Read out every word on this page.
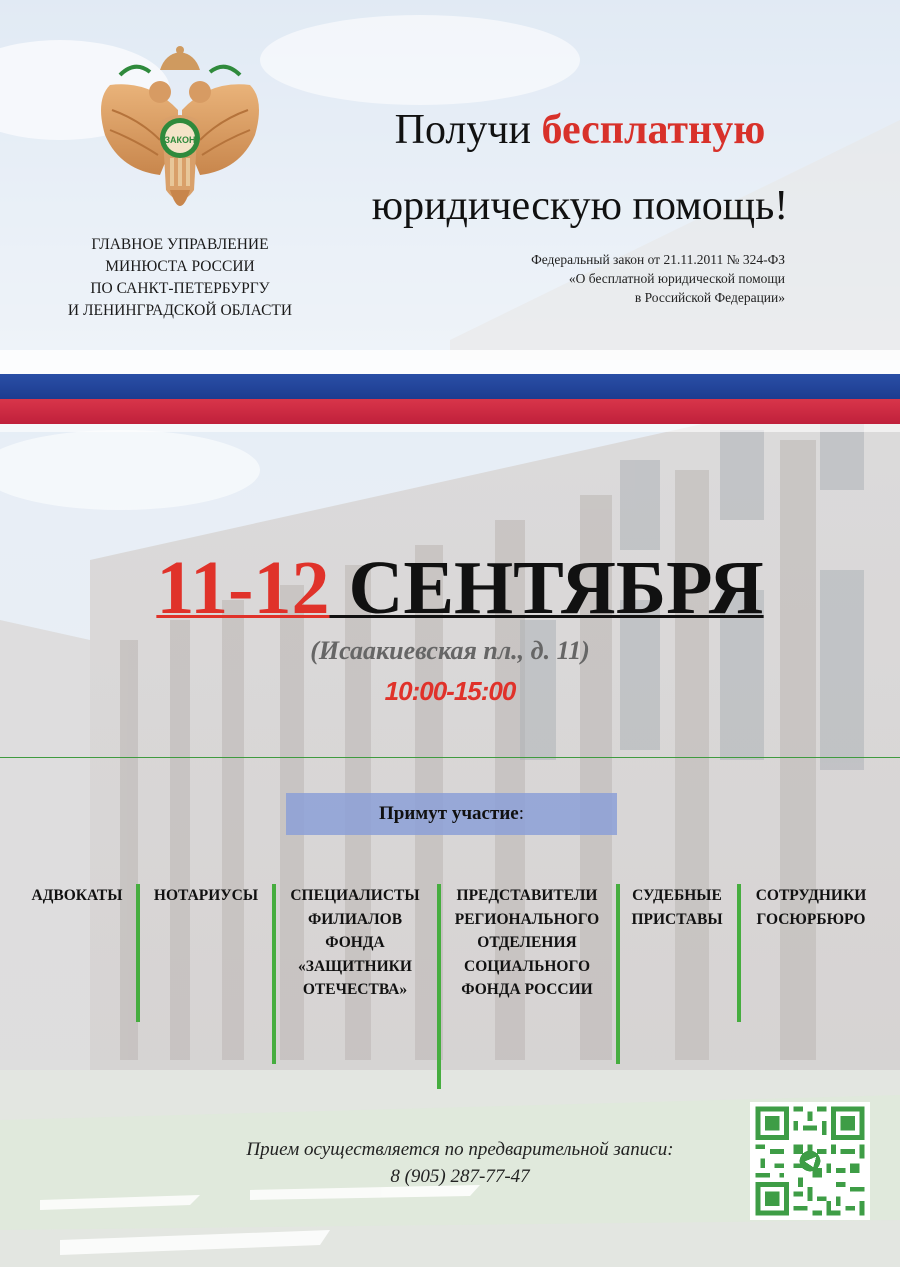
ЗАКОН
ГЛАВНОЕ УПРАВЛЕНИЕ
МИНЮСТА РОССИИ
ПО САНКТ-ПЕТЕРБУРГУ
И ЛЕНИНГРАДСКОЙ ОБЛАСТИ
Получи бесплатную
юридическую помощь!
Федеральный закон от 21.11.2011 № 324-ФЗ
«О бесплатной юридической помощи
в Российской Федерации»
11-12 СЕНТЯБРЯ
(Исаакиевская пл., д. 11)
10:00-15:00
Примут участие:
АДВОКАТЫ	НОТАРИУСЫ	СПЕЦИАЛИСТЫ
ФИЛИАЛОВ
ФОНДА
«ЗАЩИТНИКИ
ОТЕЧЕСТВА»
ПРЕДСТАВИТЕЛИ
РЕГИОНАЛЬНОГО
ОТДЕЛЕНИЯ
СОЦИАЛЬНОГО
ФОНДА РОССИИ
СУДЕБНЫЕ
ПРИСТАВЫ
СОТРУДНИКИ
ГОСЮРБЮРО
Прием осуществляется по предварительной записи:
8 (905) 287-77-47
